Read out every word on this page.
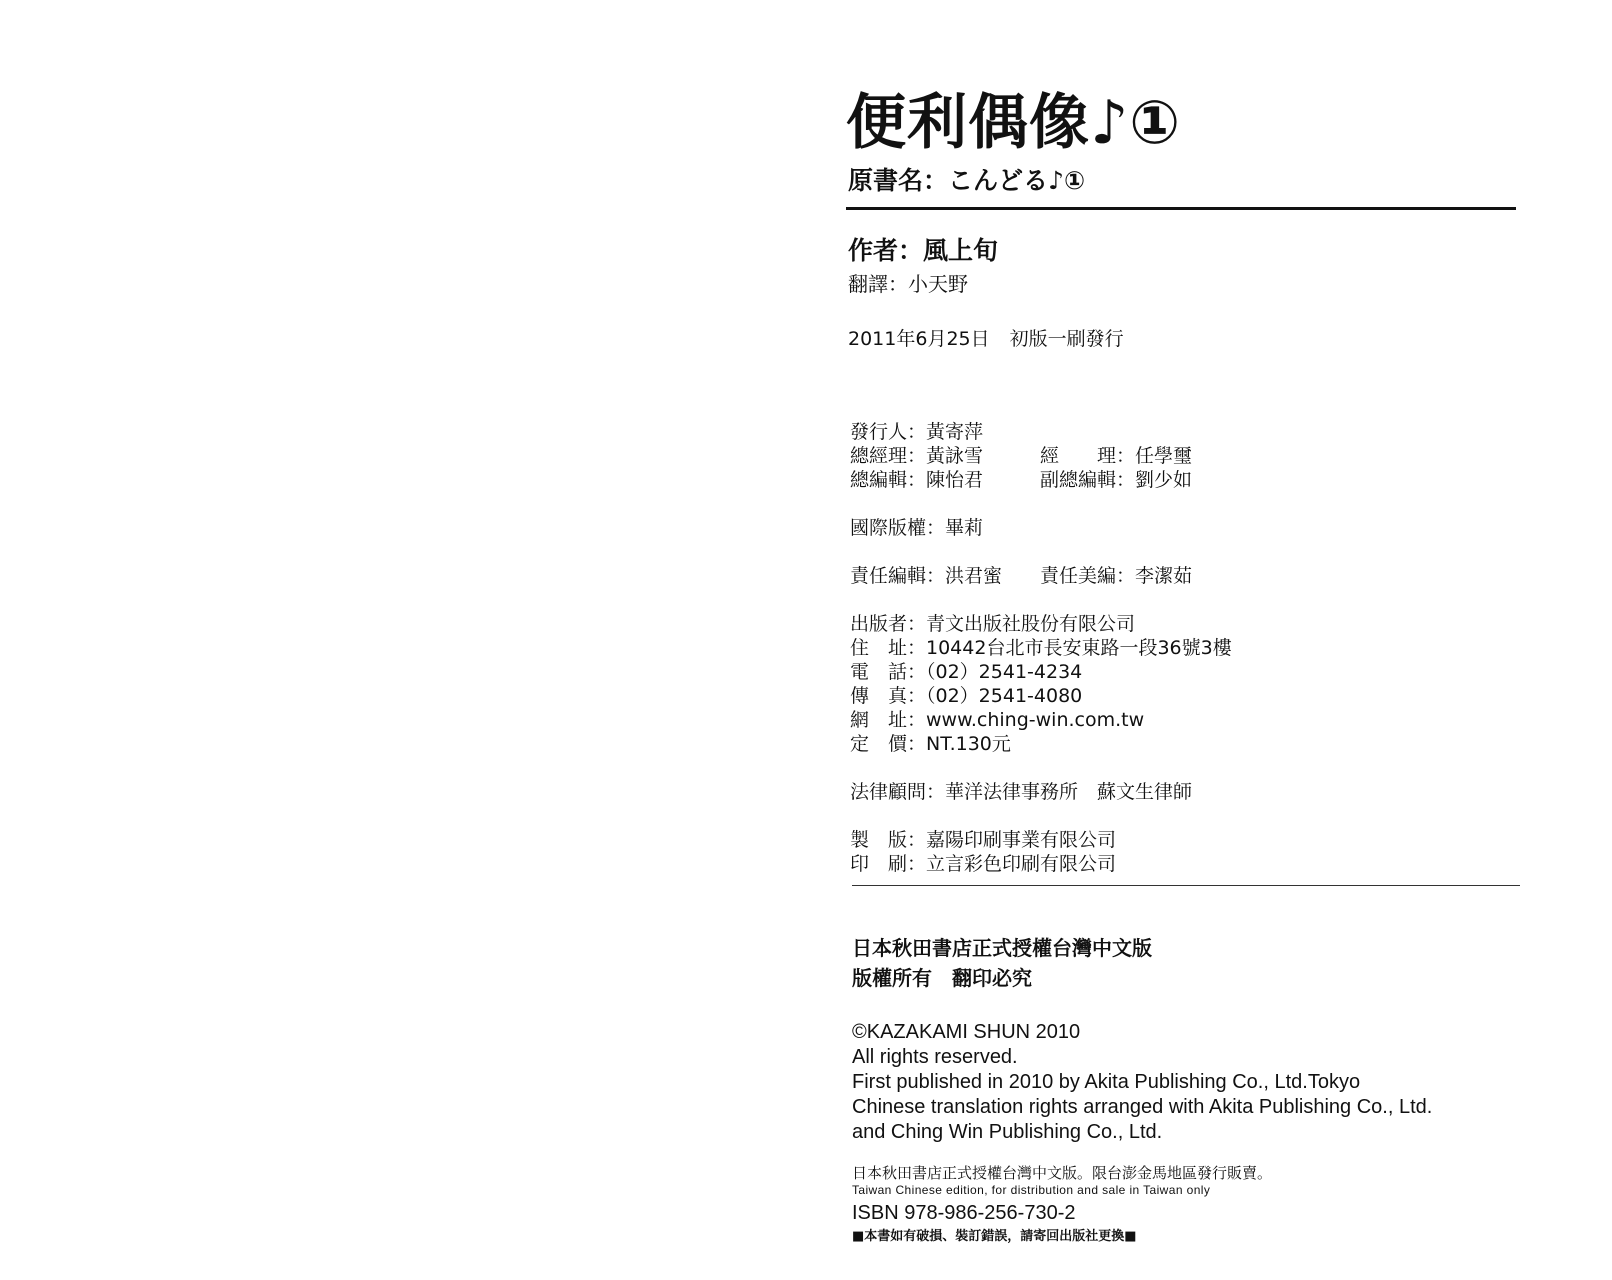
便利偶像♪①
原書名：こんどる♪①
作者：風上旬
翻譯：小天野
2011年6月25日 初版一刷發行
發行人：黃寄萍
總經理：黃詠雪	經　　理：任學璽
總編輯：陳怡君	副總編輯：劉少如
國際版權：畢莉
責任編輯：洪君蜜 責任美編：李潔茹
出版者：青文出版社股份有限公司
住　址：10442台北市長安東路一段36號3樓
電　話：（02）2541-4234
傳　真：（02）2541-4080
網　址：www.ching-win.com.tw
定　價：NT.130元
法律顧問：華洋法律事務所　蘇文生律師
製　版：嘉陽印刷事業有限公司
印　刷：立言彩色印刷有限公司
日本秋田書店正式授權台灣中文版
版權所有　翻印必究
©KAZAKAMI SHUN 2010
All rights reserved.
First published in 2010 by Akita Publishing Co., Ltd.Tokyo
Chinese translation rights arranged with Akita Publishing Co., Ltd.
and Ching Win Publishing Co., Ltd.
日本秋田書店正式授權台灣中文版。限台澎金馬地區發行販賣。
Taiwan Chinese edition, for distribution and sale in Taiwan only
ISBN 978-986-256-730-2
■本書如有破損、裝訂錯誤，請寄回出版社更換■
